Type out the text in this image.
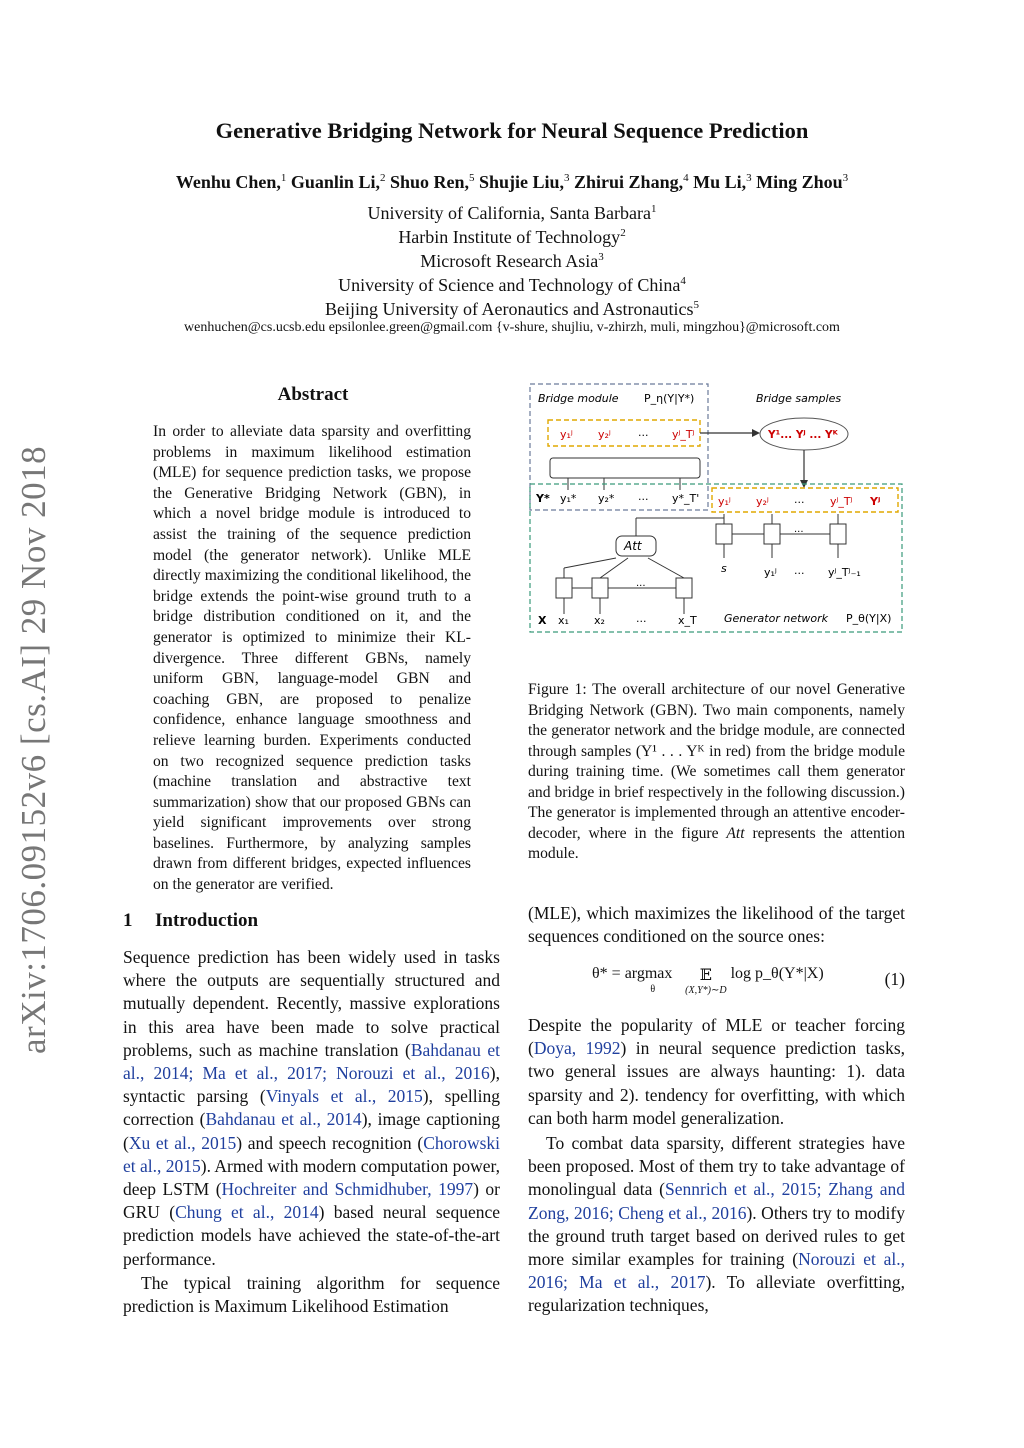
Generative Bridging Network for Neural Sequence Prediction
Wenhu Chen,$^1$ Guanlin Li,$^2$ Shuo Ren,$^5$ Shujie Liu,$^3$ Zhirui Zhang,$^4$ Mu Li,$^3$ Ming Zhou$^3$
University of California, Santa Barbara$^1$
Harbin Institute of Technology$^2$
Microsoft Research Asia$^3$
University of Science and Technology of China$^4$
Beijing University of Aeronautics and Astronautics$^5$
wenhuchen@cs.ucsb.edu epsilonlee.green@gmail.com {v-shure, shujliu, v-zhirzh, muli, mingzhou}@microsoft.com
arXiv:1706.09152v6 [cs.AI] 29 Nov 2018
Abstract
In order to alleviate data sparsity and overfitting problems in maximum likelihood estimation (MLE) for sequence prediction tasks, we propose the Generative Bridging Network (GBN), in which a novel bridge module is introduced to assist the training of the sequence prediction model (the generator network). Unlike MLE directly maximizing the conditional likelihood, the bridge extends the point-wise ground truth to a bridge distribution conditioned on it, and the generator is optimized to minimize their KL-divergence. Three different GBNs, namely uniform GBN, language-model GBN and coaching GBN, are proposed to penalize confidence, enhance language smoothness and relieve learning burden. Experiments conducted on two recognized sequence prediction tasks (machine translation and abstractive text summarization) show that our proposed GBNs can yield significant improvements over strong baselines. Furthermore, by analyzing samples drawn from different bridges, expected influences on the generator are verified.
Bridge module P_η(Y|Y*)
y₁ʲ y₂ʲ ... yʲ_Tʲ
Y* y₁* y₂* ... y*_T'
Bridge samples
Y¹... Yʲ ... Yᴷ
y₁ʲ y₂ʲ ... yʲ_Tʲ Yʲ
...
s	y₁ʲ ... yʲ_Tʲ₋₁
Att
...
X x₁ x₂	...	x_T Generator network P_θ(Y|X)
Figure 1: The overall architecture of our novel Generative Bridging Network (GBN). Two main components, namely the generator network and the bridge module, are connected through samples (Y¹ . . . Yᴷ in red) from the bridge module during training time. (We sometimes call them generator and bridge in brief respectively in the following discussion.) The generator is implemented through an attentive encoder-decoder, where in the figure Att represents the attention module.
1 Introduction
Sequence prediction has been widely used in tasks where the outputs are sequentially structured and mutually dependent. Recently, massive explorations in this area have been made to solve practical problems, such as machine translation (Bahdanau et al., 2014; Ma et al., 2017; Norouzi et al., 2016), syntactic parsing (Vinyals et al., 2015), spelling correction (Bahdanau et al., 2014), image captioning (Xu et al., 2015) and speech recognition (Chorowski et al., 2015). Armed with modern computation power, deep LSTM (Hochreiter and Schmidhuber, 1997) or GRU (Chung et al., 2014) based neural sequence prediction models have achieved the state-of-the-art performance.
The typical training algorithm for sequence prediction is Maximum Likelihood Estimation
(MLE), which maximizes the likelihood of the target sequences conditioned on the source ones:
θ* = argmax θ
𝔼
(X,Y*)∼D
log p_θ(Y*|X)	(1)
Despite the popularity of MLE or teacher forcing (Doya, 1992) in neural sequence prediction tasks, two general issues are always haunting: 1). data sparsity and 2). tendency for overfitting, with which can both harm model generalization.
To combat data sparsity, different strategies have been proposed. Most of them try to take advantage of monolingual data (Sennrich et al., 2015; Zhang and Zong, 2016; Cheng et al., 2016). Others try to modify the ground truth target based on derived rules to get more similar examples for training (Norouzi et al., 2016; Ma et al., 2017). To alleviate overfitting, regularization techniques,
